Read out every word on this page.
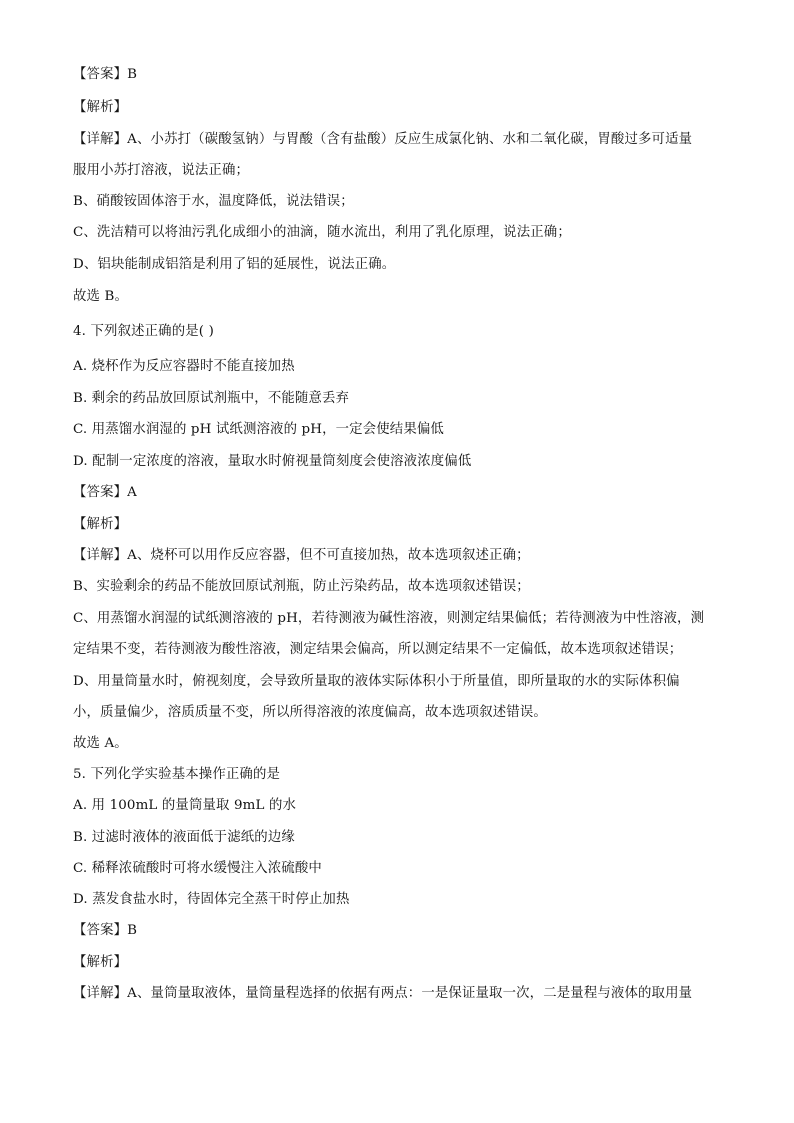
【答案】B
【解析】
【详解】A、小苏打（碳酸氢钠）与胃酸（含有盐酸）反应生成氯化钠、水和二氧化碳，胃酸过多可适量
服用小苏打溶液，说法正确；
B、硝酸铵固体溶于水，温度降低，说法错误；
C、洗洁精可以将油污乳化成细小的油滴，随水流出，利用了乳化原理，说法正确；
D、铝块能制成铝箔是利用了铝的延展性，说法正确。
故选 B。
4. 下列叙述正确的是( )
A. 烧杯作为反应容器时不能直接加热
B. 剩余的药品放回原试剂瓶中，不能随意丢弃
C. 用蒸馏水润湿的 pH 试纸测溶液的 pH，一定会使结果偏低
D. 配制一定浓度的溶液，量取水时俯视量筒刻度会使溶液浓度偏低
【答案】A
【解析】
【详解】A、烧杯可以用作反应容器，但不可直接加热，故本选项叙述正确；
B、实验剩余的药品不能放回原试剂瓶，防止污染药品，故本选项叙述错误；
C、用蒸馏水润湿的试纸测溶液的 pH，若待测液为碱性溶液，则测定结果偏低；若待测液为中性溶液，测
定结果不变，若待测液为酸性溶液，测定结果会偏高，所以测定结果不一定偏低，故本选项叙述错误；
D、用量筒量水时，俯视刻度，会导致所量取的液体实际体积小于所量值，即所量取的水的实际体积偏
小，质量偏少，溶质质量不变，所以所得溶液的浓度偏高，故本选项叙述错误。
故选 A。
5. 下列化学实验基本操作正确的是
A. 用 100mL 的量筒量取 9mL 的水
B. 过滤时液体的液面低于滤纸的边缘
C. 稀释浓硫酸时可将水缓慢注入浓硫酸中
D. 蒸发食盐水时，待固体完全蒸干时停止加热
【答案】B
【解析】
【详解】A、量筒量取液体，量筒量程选择的依据有两点：一是保证量取一次，二是量程与液体的取用量
